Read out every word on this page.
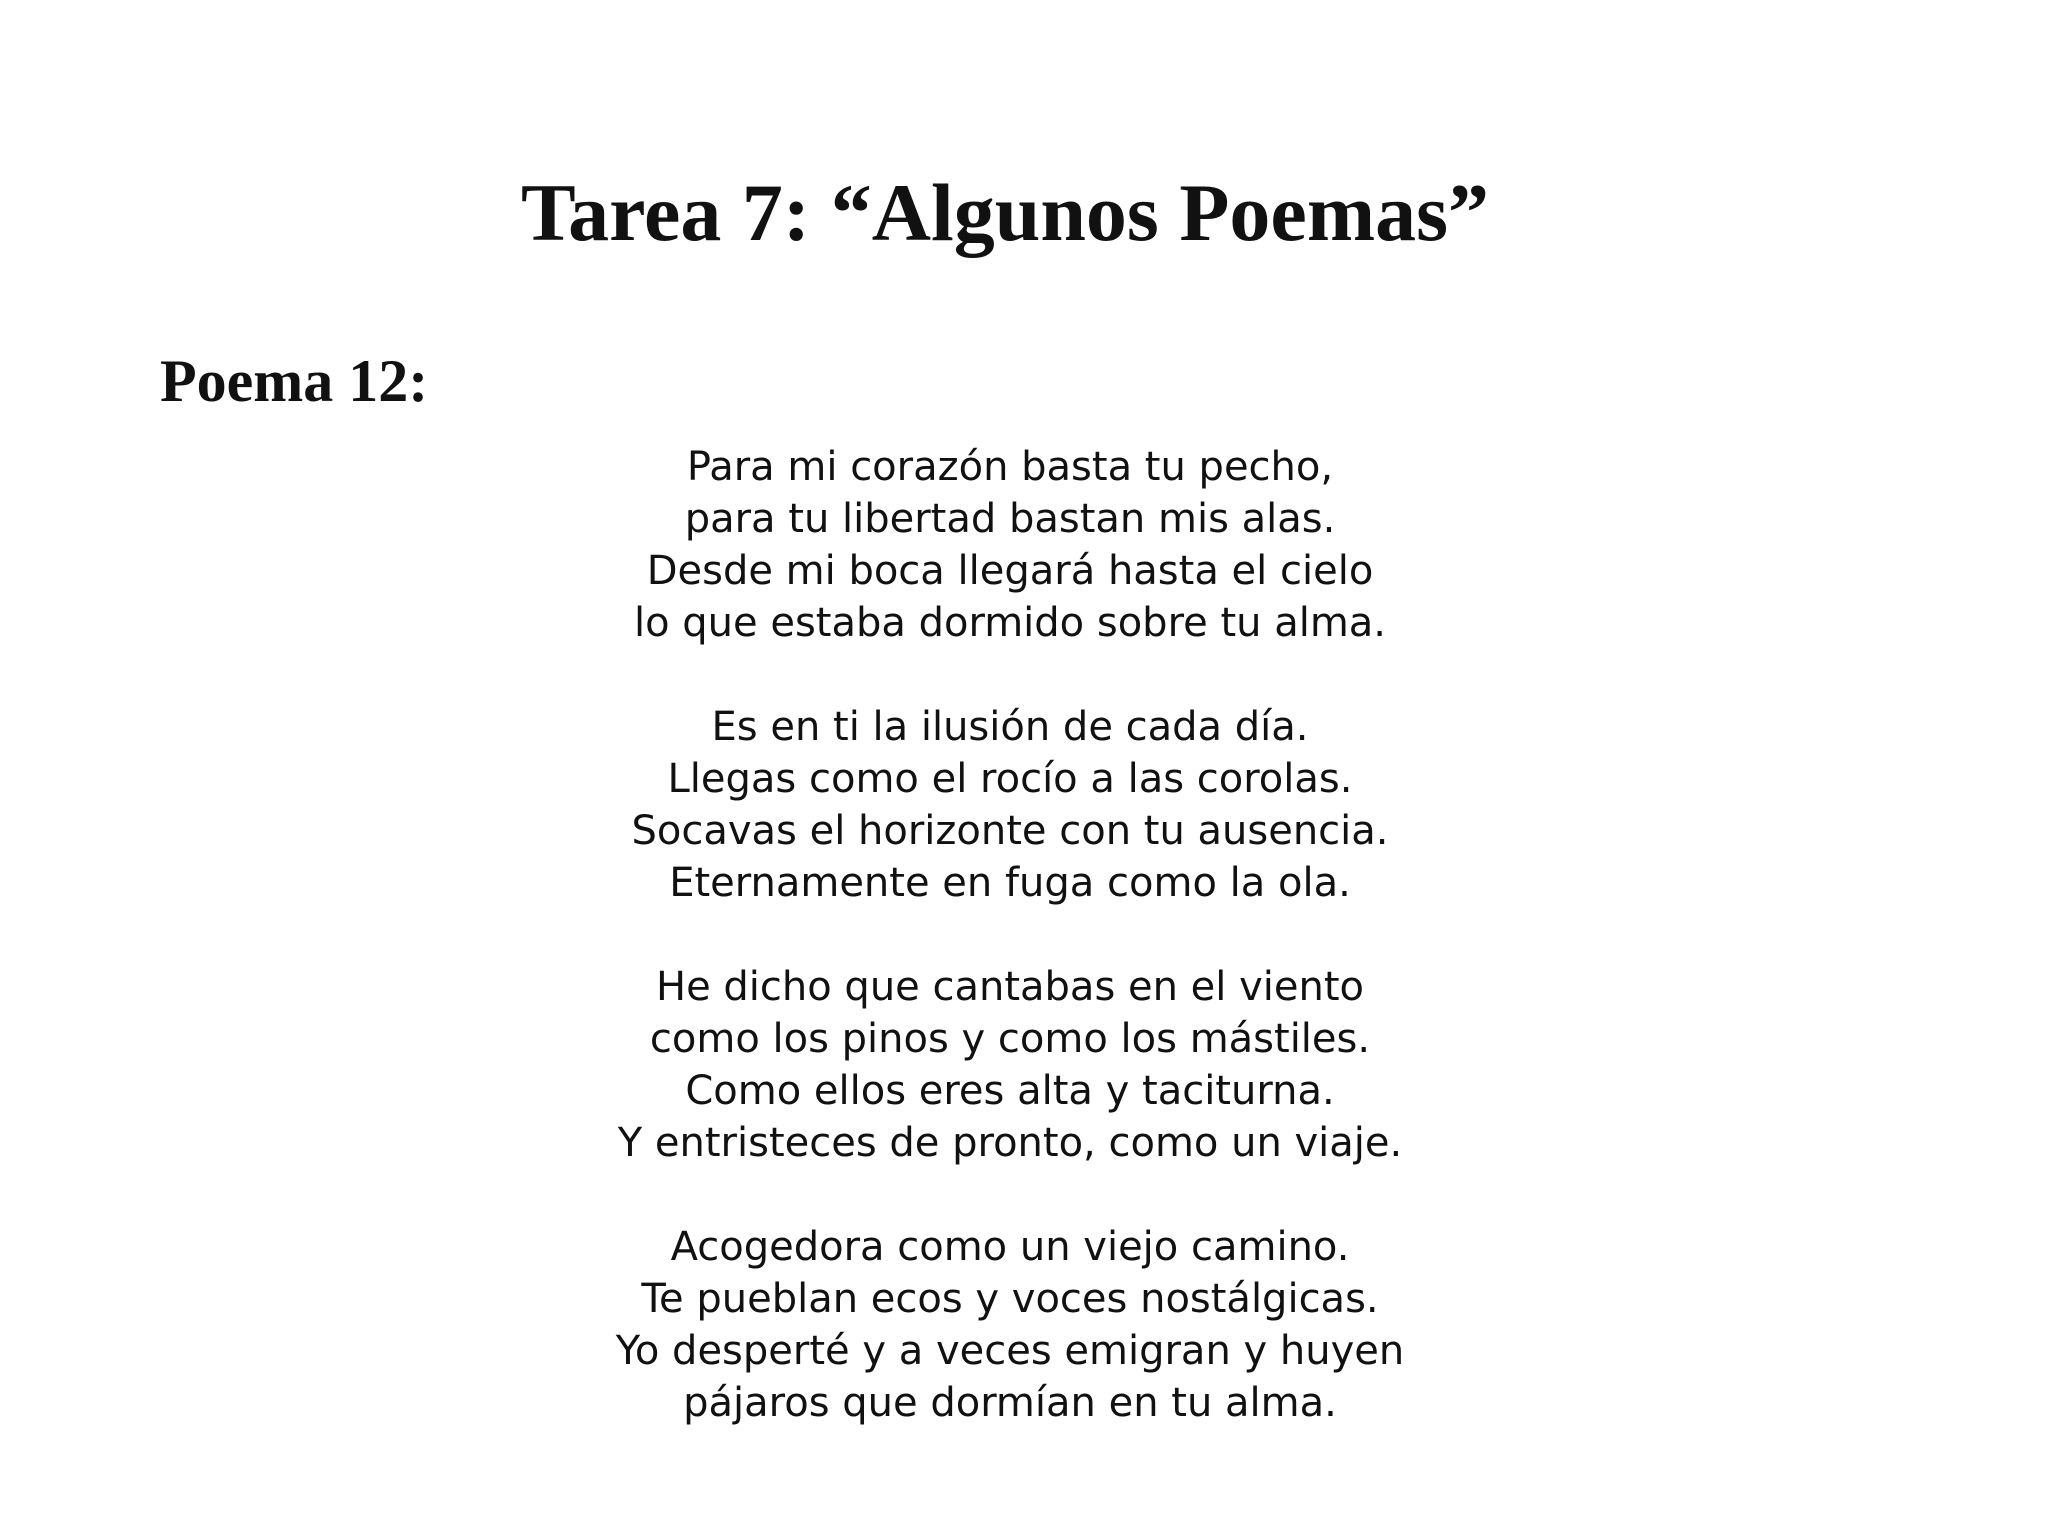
Tarea 7: “Algunos Poemas”
Poema 12:

Para mi corazón basta tu pecho,
para tu libertad bastan mis alas.
Desde mi boca llegará hasta el cielo
lo que estaba dormido sobre tu alma.

Es en ti la ilusión de cada día.
Llegas como el rocío a las corolas.
Socavas el horizonte con tu ausencia.
Eternamente en fuga como la ola.

He dicho que cantabas en el viento
como los pinos y como los mástiles.
Como ellos eres alta y taciturna.
Y entristeces de pronto, como un viaje.

Acogedora como un viejo camino.
Te pueblan ecos y voces nostálgicas.
Yo desperté y a veces emigran y huyen
pájaros que dormían en tu alma.
